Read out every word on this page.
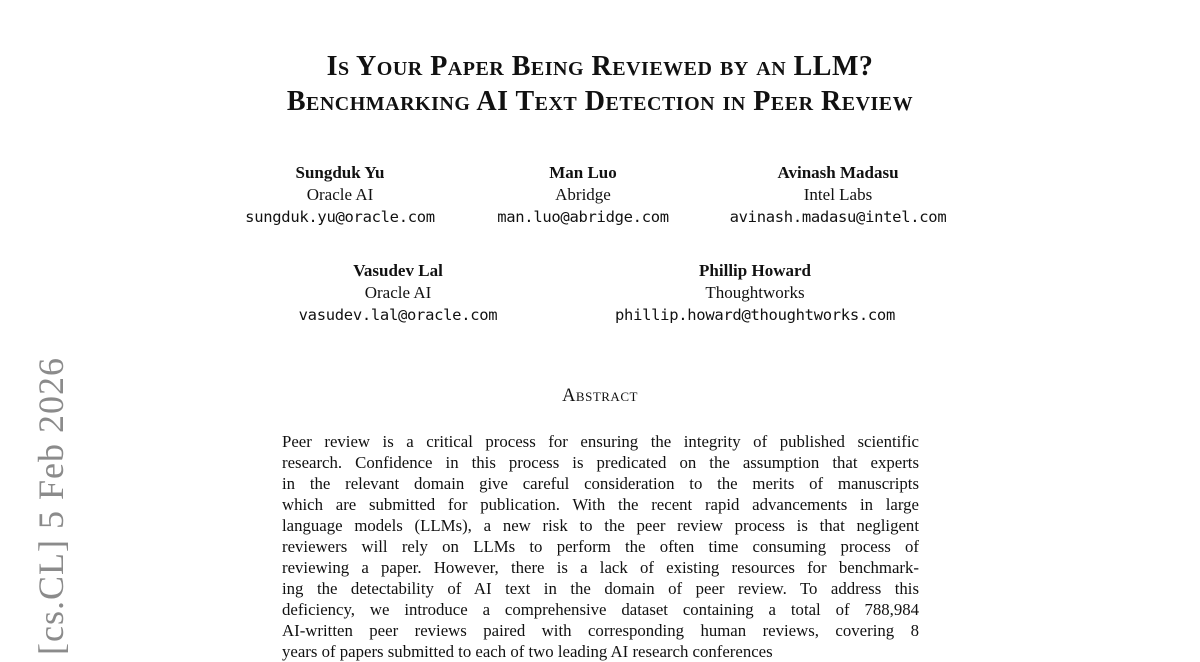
[cs.CL] 5 Feb 2026
Is Your Paper Being Reviewed by an LLM?
Benchmarking AI Text Detection in Peer Review
Sungduk Yu
Oracle AI
sungduk.yu@oracle.com
Man Luo
Abridge
man.luo@abridge.com
Avinash Madasu
Intel Labs
avinash.madasu@intel.com
Vasudev Lal
Oracle AI
vasudev.lal@oracle.com
Phillip Howard
Thoughtworks
phillip.howard@thoughtworks.com
Abstract
Peer review is a critical process for ensuring the integrity of published scientific
research. Confidence in this process is predicated on the assumption that experts
in the relevant domain give careful consideration to the merits of manuscripts
which are submitted for publication. With the recent rapid advancements in large
language models (LLMs), a new risk to the peer review process is that negligent
reviewers will rely on LLMs to perform the often time consuming process of
reviewing a paper. However, there is a lack of existing resources for benchmark-
ing the detectability of AI text in the domain of peer review. To address this
deficiency, we introduce a comprehensive dataset containing a total of 788,984
AI-written peer reviews paired with corresponding human reviews, covering 8
years of papers submitted to each of two leading AI research conferences
